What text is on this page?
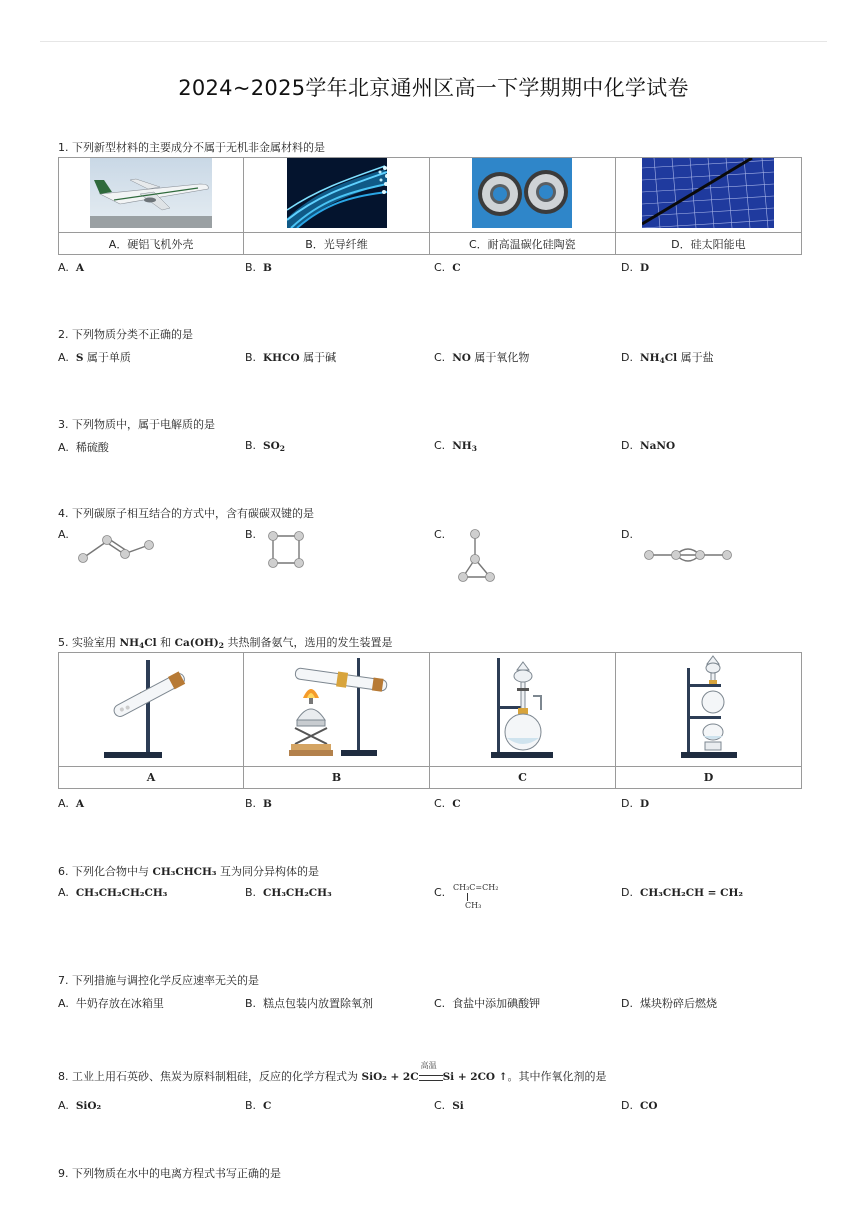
2024~2025学年北京通州区高一下学期期中化学试卷
1. 下列新型材料的主要成分不属于无机非金属材料的是

A．硬铝飞机外壳	B．光导纤维	C．耐高温碳化硅陶瓷	D．硅太阳能电
A. A	B. B	C. C	D. D
2. 下列物质分类不正确的是
A. S 属于单质	B. KHCO 属于碱	C. NO 属于氧化物	D. $NH_4Cl$ 属于盐
3. 下列物质中，属于电解质的是
A. 稀硫酸	B. $SO_2$	C. $NH_3$	D. NaNO
4. 下列碳原子相互结合的方式中，含有碳碳双键的是
A.	B.	C.	D.
5. 实验室用 $NH_4Cl$ 和 $Ca(OH)_2$ 共热制备氨气，选用的发生装置是

A	B	C	D
A. A	B. B	C. C	D. D
6. 下列化合物中与 CH₃CHCH₃ 互为同分异构体的是
A. CH₃CH₂CH₂CH₃	B. CH₃CH₂CH₃	C. CH₃C=CH₂
CH₃
D. CH₃CH₂CH = CH₂
7. 下列措施与调控化学反应速率无关的是
A. 牛奶存放在冰箱里	B. 糕点包装内放置除氧剂	C. 食盐中添加碘酸钾	D. 煤块粉碎后燃烧
8. 工业上用石英砂、焦炭为原料制粗硅，反应的化学方程式为 SiO₂ + 2C
高温
Si + 2CO ↑。其中作氧化剂的是
A. SiO₂	B. C	C. Si	D. CO
9. 下列物质在水中的电离方程式书写正确的是
